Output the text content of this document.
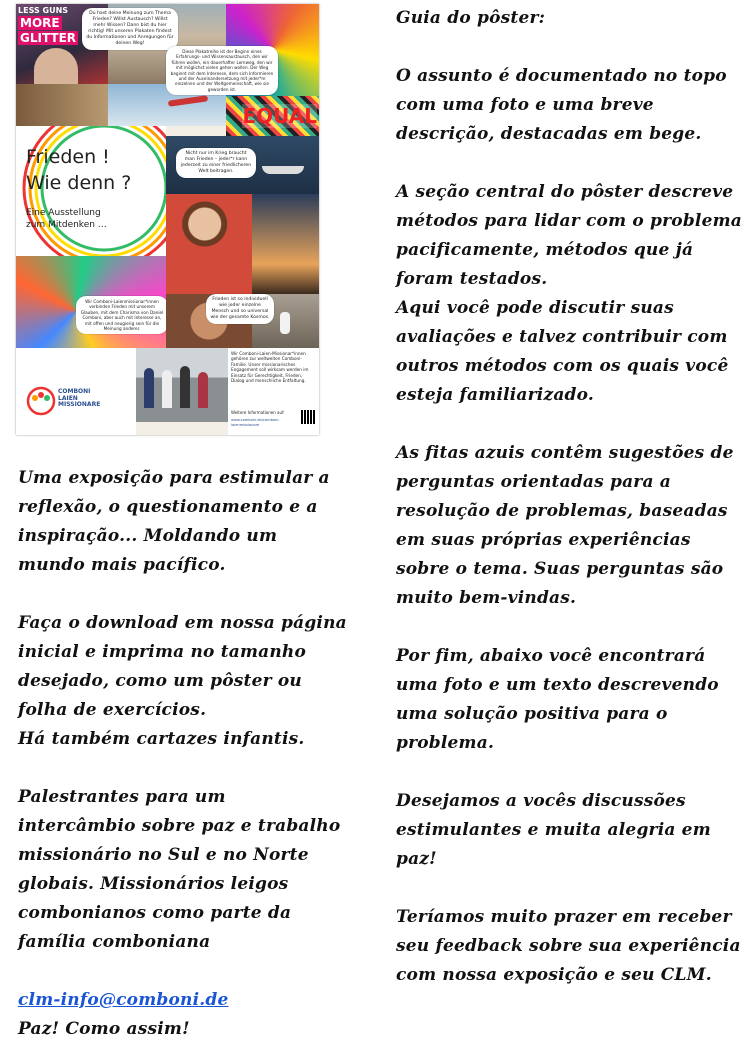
LESS GUNS
MORE
GLITTER
Du hast deine Meinung zum Thema Frieden? Willst Austausch? Willst mehr Wissen? Dann bist du hier richtig! Mit unseren Plakaten findest du Informationen und Anregungen für deinen Weg!
Diese Plakatreihe ist der Beginn eines Erfahrungs- und Wissensaustausch, den wir führen wollen, ein dauerhafter Lernweg, den wir mit möglichst vielen gehen wollen. Der Weg beginnt mit dem Interesse, dem sich Informieren und der Auseinandersetzung mit jeder*m einzelnen und der Weltgemeinschaft, wie sie geworden ist.
EQUAL
Frieden !
Wie denn ?
Eine Ausstellung
zum Mitdenken …
Nicht nur im Krieg braucht man Frieden – jeder*r kann jederzeit zu einer friedlicheren Welt beitragen.
Wir Comboni-Laienmissionar*innen verbinden Frieden mit unserem Glauben, mit dem Charisma von Daniel Comboni, aber auch mit Interesse an, mit offen und neugierig sein für die Meinung anderer.
Frieden ist so individuell wie jeder einzelne Mensch und so universal wie der gesamte Kosmos.
COMBONI
LAIEN
MISSIONARE
Wir Comboni-Laien-Missionar*innen gehören zur weltweiten Comboni-Familie. Unser missionarisches Engagement soll wirksam werden im Einsatz für Gerechtigkeit, Frieden, Dialog und menschliche Entfaltung.
Weitere Informationen auf:
www.comboni.de/comboni-laienmissionare

Guia do pôster:

O assunto é documentado no topo com uma foto e uma breve descrição, destacadas em bege.

A seção central do pôster descreve métodos para lidar com o problema pacificamente, métodos que já foram testados.

Aqui você pode discutir suas avaliações e talvez contribuir com outros métodos com os quais você esteja familiarizado.

As fitas azuis contêm sugestões de perguntas orientadas para a resolução de problemas, baseadas em suas próprias experiências sobre o tema. Suas perguntas são muito bem-vindas.

Por fim, abaixo você encontrará uma foto e um texto descrevendo uma solução positiva para o problema.

Desejamos a vocês discussões estimulantes e muita alegria em paz!

Teríamos muito prazer em receber seu feedback sobre sua experiência com nossa exposição e seu CLM.

Uma exposição para estimular a reflexão, o questionamento e a inspiração... Moldando um mundo mais pacífico.

Faça o download em nossa página inicial e imprima no tamanho desejado, como um pôster ou folha de exercícios.

Há também cartazes infantis.

Palestrantes para um intercâmbio sobre paz e trabalho missionário no Sul e no Norte globais. Missionários leigos combonianos como parte da família comboniana

clm-info@comboni.de

Paz! Como assim!
